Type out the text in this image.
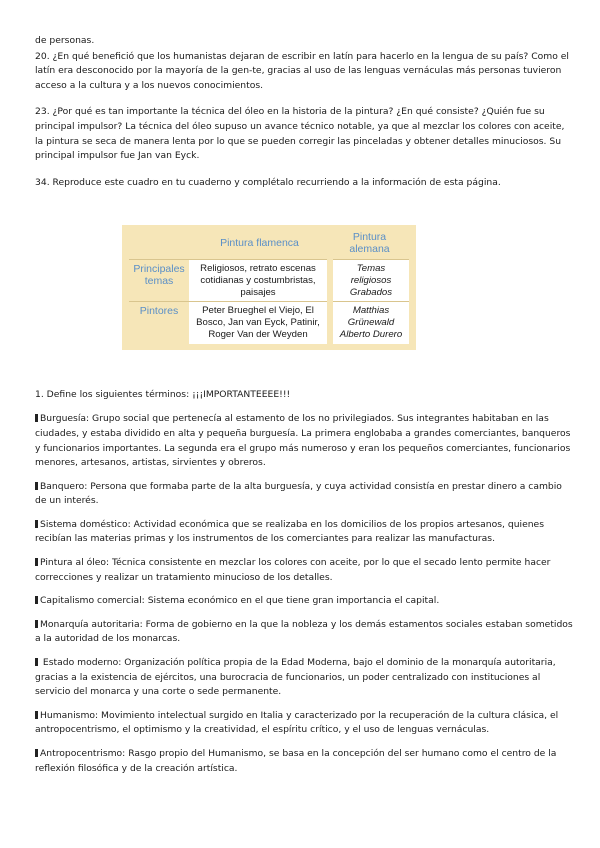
de personas.

20. ¿En qué benefició que los humanistas dejaran de escribir en latín para hacerlo en la lengua de su país? Como el latín era desconocido por la mayoría de la gen-te, gracias al uso de las lenguas vernáculas más personas tuvieron acceso a la cultura y a los nuevos conocimientos.

23. ¿Por qué es tan importante la técnica del óleo en la historia de la pintura? ¿En qué consiste? ¿Quién fue su principal impulsor? La técnica del óleo supuso un avance técnico notable, ya que al mezclar los colores con aceite, la pintura se seca de manera lenta por lo que se pueden corregir las pinceladas y obtener detalles minuciosos. Su principal impulsor fue Jan van Eyck.

34. Reproduce este cuadro en tu cuaderno y complétalo recurriendo a la información de esta página.

	Pintura flamenca	Pintura alemana
Principales temas	Religiosos, retrato escenas cotidianas y costumbristas, paisajes	Temas religiosos Grabados
Pintores	Peter Brueghel el Viejo, El Bosco, Jan van Eyck, Patinir, Roger Van der Weyden	Matthias Grünewald Alberto Durero

1. Define los siguientes términos: ¡¡¡IMPORTANTEEEE!!!

Burguesía: Grupo social que pertenecía al estamento de los no privilegiados. Sus integrantes habitaban en las ciudades, y estaba dividido en alta y pequeña burguesía. La primera englobaba a grandes comerciantes, banqueros y funcionarios importantes. La segunda era el grupo más numeroso y eran los pequeños comerciantes, funcionarios menores, artesanos, artistas, sirvientes y obreros.

Banquero: Persona que formaba parte de la alta burguesía, y cuya actividad consistía en prestar dinero a cambio de un interés.

Sistema doméstico: Actividad económica que se realizaba en los domicilios de los propios artesanos, quienes recibían las materias primas y los instrumentos de los comerciantes para realizar las manufacturas.

Pintura al óleo: Técnica consistente en mezclar los colores con aceite, por lo que el secado lento permite hacer correcciones y realizar un tratamiento minucioso de los detalles.

Capitalismo comercial: Sistema económico en el que tiene gran importancia el capital.

Monarquía autoritaria: Forma de gobierno en la que la nobleza y los demás estamentos sociales estaban sometidos a la autoridad de los monarcas.

Estado moderno: Organización política propia de la Edad Moderna, bajo el dominio de la monarquía autoritaria, gracias a la existencia de ejércitos, una burocracia de funcionarios, un poder centralizado con instituciones al servicio del monarca y una corte o sede permanente.

Humanismo: Movimiento intelectual surgido en Italia y caracterizado por la recuperación de la cultura clásica, el antropocentrismo, el optimismo y la creatividad, el espíritu crítico, y el uso de lenguas vernáculas.

Antropocentrismo: Rasgo propio del Humanismo, se basa en la concepción del ser humano como el centro de la reflexión filosófica y de la creación artística.
